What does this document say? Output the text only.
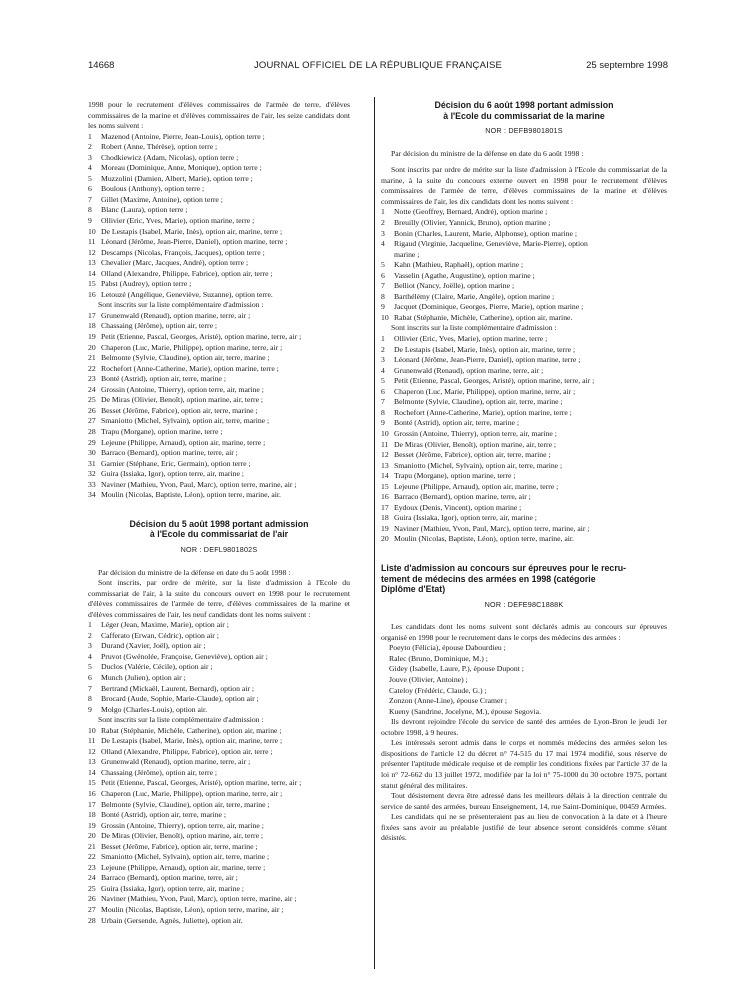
14668	JOURNAL OFFICIEL DE LA RÉPUBLIQUE FRANÇAISE	25 septembre 1998

1998 pour le recrutement d'élèves commissaires de l'armée de terre, d'élèves commissaires de la marine et d'élèves commissaires de l'air, les seize candidats dont les noms suivent :

1 Mazenod (Antoine, Pierre, Jean-Louis), option terre ;
2 Robert (Anne, Thérèse), option terre ;
3 Chodkiewicz (Adam, Nicolas), option terre ;
4 Moreau (Dominique, Anne, Monique), option terre ;
5 Muzzolini (Damien, Albert, Marie), option terre ;
6 Boulous (Anthony), option terre ;
7 Gillet (Maxime, Antoine), option terre ;
8 Blanc (Laura), option terre ;
9 Ollivier (Eric, Yves, Marie), option marine, terre ;
10 De Lestapis (Isabel, Marie, Inès), option air, marine, terre ;
11 Léonard (Jérôme, Jean-Pierre, Daniel), option marine, terre ;
12 Descamps (Nicolas, François, Jacques), option terre ;
13 Chevalier (Marc, Jacques, André), option terre ;
14 Olland (Alexandre, Philippe, Fabrice), option air, terre ;
15 Pabst (Audrey), option terre ;
16 Letouzé (Angélique, Geneviève, Suzanne), option terre.

Sont inscrits sur la liste complémentaire d'admission :

17 Grunenwald (Renaud), option marine, terre, air ;
18 Chassaing (Jérôme), option air, terre ;
19 Petit (Etienne, Pascal, Georges, Aristé), option marine, terre, air ;
20 Chaperon (Luc, Marie, Philippe), option marine, terre, air ;
21 Belmonte (Sylvie, Claudine), option air, terre, marine ;
22 Rochefort (Anne-Catherine, Marie), option marine, terre ;
23 Bonté (Astrid), option air, terre, marine ;
24 Grossin (Antoine, Thierry), option terre, air, marine ;
25 De Miras (Olivier, Benoît), option marine, air, terre ;
26 Besset (Jérôme, Fabrice), option air, terre, marine ;
27 Smaniotto (Michel, Sylvain), option air, terre, marine ;
28 Trapu (Morgane), option marine, terre ;
29 Lejeune (Philippe, Arnaud), option air, marine, terre ;
30 Barraco (Bernard), option marine, terre, air ;
31 Garnier (Stéphane, Eric, Germain), option terre ;
32 Guira (Issiaka, Igor), option terre, air, marine ;
33 Naviner (Mathieu, Yvon, Paul, Marc), option terre, marine, air ;
34 Moulin (Nicolas, Baptiste, Léon), option terre, marine, air.

Décision du 5 août 1998 portant admission

à l'Ecole du commissariat de l'air

NOR : DEFL9801802S

Par décision du ministre de la défense en date du 5 août 1998 :

Sont inscrits, par ordre de mérite, sur la liste d'admission à l'Ecole du commissariat de l'air, à la suite du concours ouvert en 1998 pour le recrutement d'élèves commissaires de l'armée de terre, d'élèves commissaires de la marine et d'élèves commissaires de l'air, les neuf candidats dont les noms suivent :

1 Léger (Jean, Maxime, Marie), option air ;
2 Cafferato (Erwan, Cédric), option air ;
3 Durand (Xavier, Joël), option air ;
4 Pruvot (Gwénolée, Françoise, Geneviève), option air ;
5 Duclos (Valérie, Cécile), option air ;
6 Munch (Julien), option air ;
7 Bertrand (Mickaël, Laurent, Bernard), option air ;
8 Brocard (Aude, Sophie, Marie-Claude), option air ;
9 Molgo (Charles-Louis), option air.

Sont inscrits sur la liste complémentaire d'admission :

10 Rabat (Stéphanie, Michèle, Catherine), option air, marine ;
11 De Lestapis (Isabel, Marie, Inès), option air, marine, terre ;
12 Olland (Alexandre, Philippe, Fabrice), option air, terre ;
13 Grunenwald (Renaud), option marine, terre, air ;
14 Chassaing (Jérôme), option air, terre ;
15 Petit (Etienne, Pascal, Georges, Aristé), option marine, terre, air ;
16 Chaperon (Luc, Marie, Philippe), option marine, terre, air ;
17 Belmonte (Sylvie, Claudine), option air, terre, marine ;
18 Bonté (Astrid), option air, terre, marine ;
19 Grossin (Antoine, Thierry), option terre, air, marine ;
20 De Miras (Olivier, Benoît), option marine, air, terre ;
21 Besset (Jérôme, Fabrice), option air, terre, marine ;
22 Smaniotto (Michel, Sylvain), option air, terre, marine ;
23 Lejeune (Philippe, Arnaud), option air, marine, terre ;
24 Barraco (Bernard), option marine, terre, air ;
25 Guira (Issiaka, Igor), option terre, air, marine ;
26 Naviner (Mathieu, Yvon, Paul, Marc), option terre, marine, air ;
27 Moulin (Nicolas, Baptiste, Léon), option terre, marine, air ;
28 Urbain (Gersende, Agnès, Juliette), option air.

Décision du 6 août 1998 portant admission

à l'Ecole du commissariat de la marine

NOR : DEFB9801801S

Par décision du ministre de la défense en date du 6 août 1998 :

Sont inscrits par ordre de mérite sur la liste d'admission à l'Ecole du commissariat de la marine, à la suite du concours externe ouvert en 1998 pour le recrutement d'élèves commissaires de l'armée de terre, d'élèves commissaires de la marine et d'élèves commissaires de l'air, les dix candidats dont les noms suivent :

1 Notte (Geoffrey, Bernard, André), option marine ;
2 Breuilly (Olivier, Yannick, Bruno), option marine ;
3 Bonin (Charles, Laurent, Marie, Alphonse), option marine ;
4 Rigaud (Virginie, Jacqueline, Geneviève, Marie-Pierre), option
marine ;
5 Kahn (Mathieu, Raphaël), option marine ;
6 Vasselin (Agathe, Augustine), option marine ;
7 Belliot (Nancy, Joëlle), option marine ;
8 Barthélémy (Claire, Marie, Angèle), option marine ;
9 Jacquet (Dominique, Georges, Pierre, Marie), option marine ;
10 Rabat (Stéphanie, Michèle, Catherine), option air, marine.

Sont inscrits sur la liste complémentaire d'admission :

1 Ollivier (Eric, Yves, Marie), option marine, terre ;
2 De Lestapis (Isabel, Marie, Inès), option air, marine, terre ;
3 Léonard (Jérôme, Jean-Pierre, Daniel), option marine, terre ;
4 Grunenwald (Renaud), option marine, terre, air ;
5 Petit (Etienne, Pascal, Georges, Aristé), option marine, terre, air ;
6 Chaperon (Luc, Marie, Philippe), option marine, terre, air ;
7 Belmonte (Sylvie, Claudine), option air, terre, marine ;
8 Rochefort (Anne-Catherine, Marie), option marine, terre ;
9 Bonté (Astrid), option air, terre, marine ;
10 Grossin (Antoine, Thierry), option terre, air, marine ;
11 De Miras (Olivier, Benoît), option marine, air, terre ;
12 Besset (Jérôme, Fabrice), option air, terre, marine ;
13 Smaniotto (Michel, Sylvain), option air, terre, marine ;
14 Trapu (Morgane), option marine, terre ;
15 Lejeune (Philippe, Arnaud), option air, marine, terre ;
16 Barraco (Bernard), option marine, terre, air ;
17 Eydoux (Denis, Vincent), option marine ;
18 Guira (Issiaka, Igor), option terre, air, marine ;
19 Naviner (Mathieu, Yvon, Paul, Marc), option terre, marine, air ;
20 Moulin (Nicolas, Baptiste, Léon), option terre, marine, air.

Liste d'admission au concours sur épreuves pour le recru-

tement de médecins des armées en 1998 (catégorie

Diplôme d'Etat)

NOR : DEFE98C1888K

Les candidats dont les noms suivent sont déclarés admis au concours sur épreuves organisé en 1998 pour le recrutement dans le corps des médecins des armées :

Poeyto (Félicia), épouse Dabourdieu ;
Ralec (Bruno, Dominique, M.) ;
Gidey (Isabelle, Laure, P.), épouse Dupont ;
Jouve (Olivier, Antoine) ;
Cateloy (Frédéric, Claude, G.) ;
Zonzon (Anne-Line), épouse Cramer ;
Kueny (Sandrine, Jocelyne, M.), épouse Segovia.

Ils devront rejoindre l'école du service de santé des armées de Lyon-Bron le jeudi 1er octobre 1998, à 9 heures.

Les intéressés seront admis dans le corps et nommés médecins des armées selon les dispositions de l'article 12 du décret n° 74-515 du 17 mai 1974 modifié, sous réserve de présenter l'aptitude médicale requise et de remplir les conditions fixées par l'article 37 de la loi n° 72-662 du 13 juillet 1972, modifiée par la loi n° 75-1000 du 30 octobre 1975, portant statut général des militaires.

Tout désistement devra être adressé dans les meilleurs délais à la direction centrale du service de santé des armées, bureau Enseignement, 14, rue Saint-Dominique, 00459 Armées.

Les candidats qui ne se présenteraient pas au lieu de convocation à la date et à l'heure fixées sans avoir au préalable justifié de leur absence seront considérés comme s'étant désistés.
